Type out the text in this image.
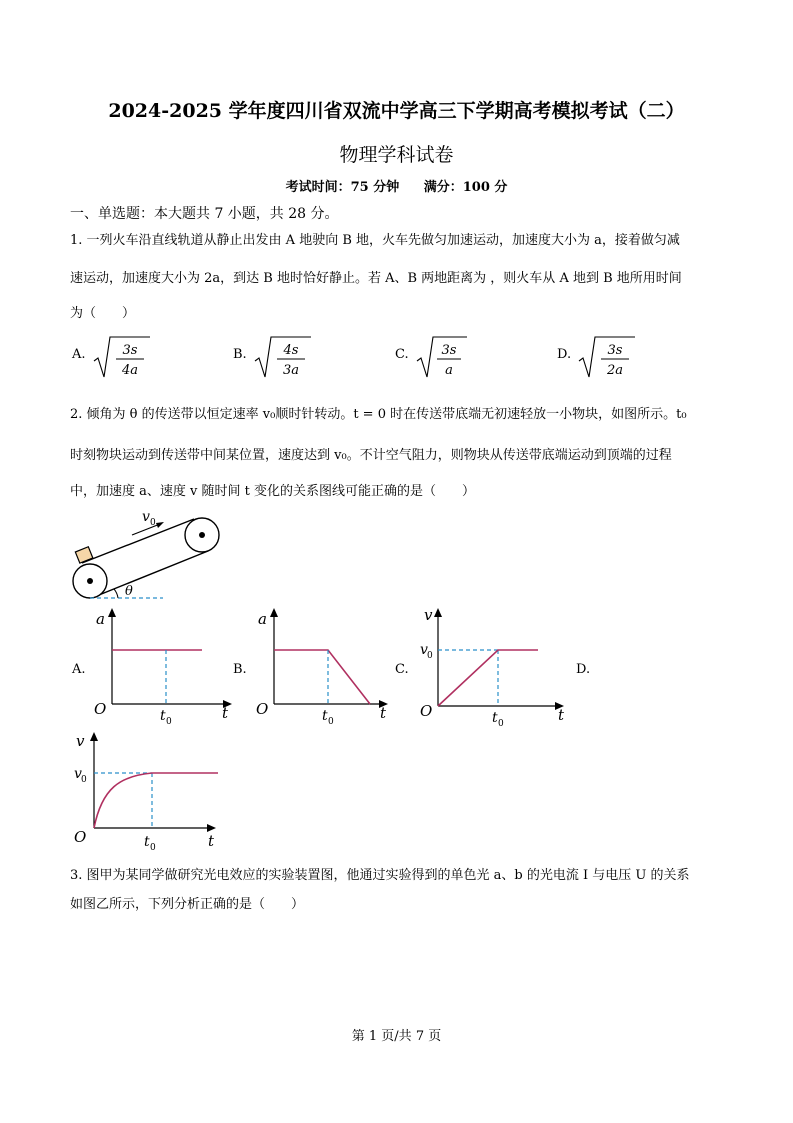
2024-2025 学年度四川省双流中学高三下学期高考模拟考试（二）
物理学科试卷
考试时间：75 分钟 满分：100 分
一、单选题：本大题共 7 小题，共 28 分。
1. 一列火车沿直线轨道从静止出发由 A 地驶向 B 地，火车先做匀加速运动，加速度大小为 a，接着做匀减
速运动，加速度大小为 2a，到达 B 地时恰好静止。若 A、B 两地距离为 ，则火车从 A 地到 B 地所用时间
为（　　）
A.	3s
4a
B.	4s
3a
C.	3s
a
D.	3s
2a
2. 倾角为 θ 的传送带以恒定速率 v₀顺时针转动。t = 0 时在传送带底端无初速轻放一小物块，如图所示。t₀
时刻物块运动到传送带中间某位置，速度达到 v₀。不计空气阻力，则物块从传送带底端运动到顶端的过程
中，加速度 a、速度 v 随时间 t 变化的关系图线可能正确的是（　　）
v 0
θ
A.
a
O	t
t 0
B.
a
O	t
t 0
C.
v
v 0
O	t
t 0
D.
v
v 0
O	t
t 0
3. 图甲为某同学做研究光电效应的实验装置图，他通过实验得到的单色光 a、b 的光电流 I 与电压 U 的关系
如图乙所示，下列分析正确的是（　　）
第 1 页/共 7 页
